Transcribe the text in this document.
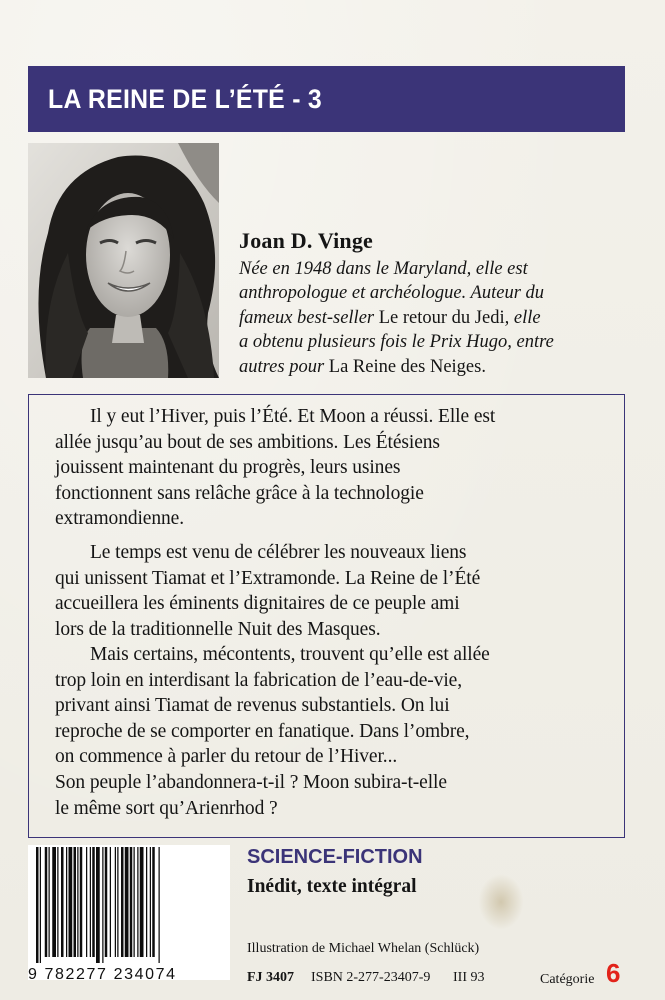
LA REINE DE L’ÉTÉ - 3
Joan D. Vinge
Née en 1948 dans le Maryland, elle est
anthropologue et archéologue. Auteur du
fameux best-seller Le retour du Jedi, elle
a obtenu plusieurs fois le Prix Hugo, entre
autres pour La Reine des Neiges.
Il y eut l’Hiver, puis l’Été. Et Moon a réussi. Elle est
allée jusqu’au bout de ses ambitions. Les Étésiens
jouissent maintenant du progrès, leurs usines
fonctionnent sans relâche grâce à la technologie
extramondienne.
Le temps est venu de célébrer les nouveaux liens
qui unissent Tiamat et l’Extramonde. La Reine de l’Été
accueillera les éminents dignitaires de ce peuple ami
lors de la traditionnelle Nuit des Masques.
Mais certains, mécontents, trouvent qu’elle est allée
trop loin en interdisant la fabrication de l’eau-de-vie,
privant ainsi Tiamat de revenus substantiels. On lui
reproche de se comporter en fanatique. Dans l’ombre,
on commence à parler du retour de l’Hiver...
Son peuple l’abandonnera-t-il ? Moon subira-t-elle
le même sort qu’Arienrhod ?
9 782277 234074
SCIENCE-FICTION
Inédit, texte intégral
Illustration de Michael Whelan (Schlück)
FJ 3407 ISBN 2-277-23407-9 III 93	Catégorie 6
